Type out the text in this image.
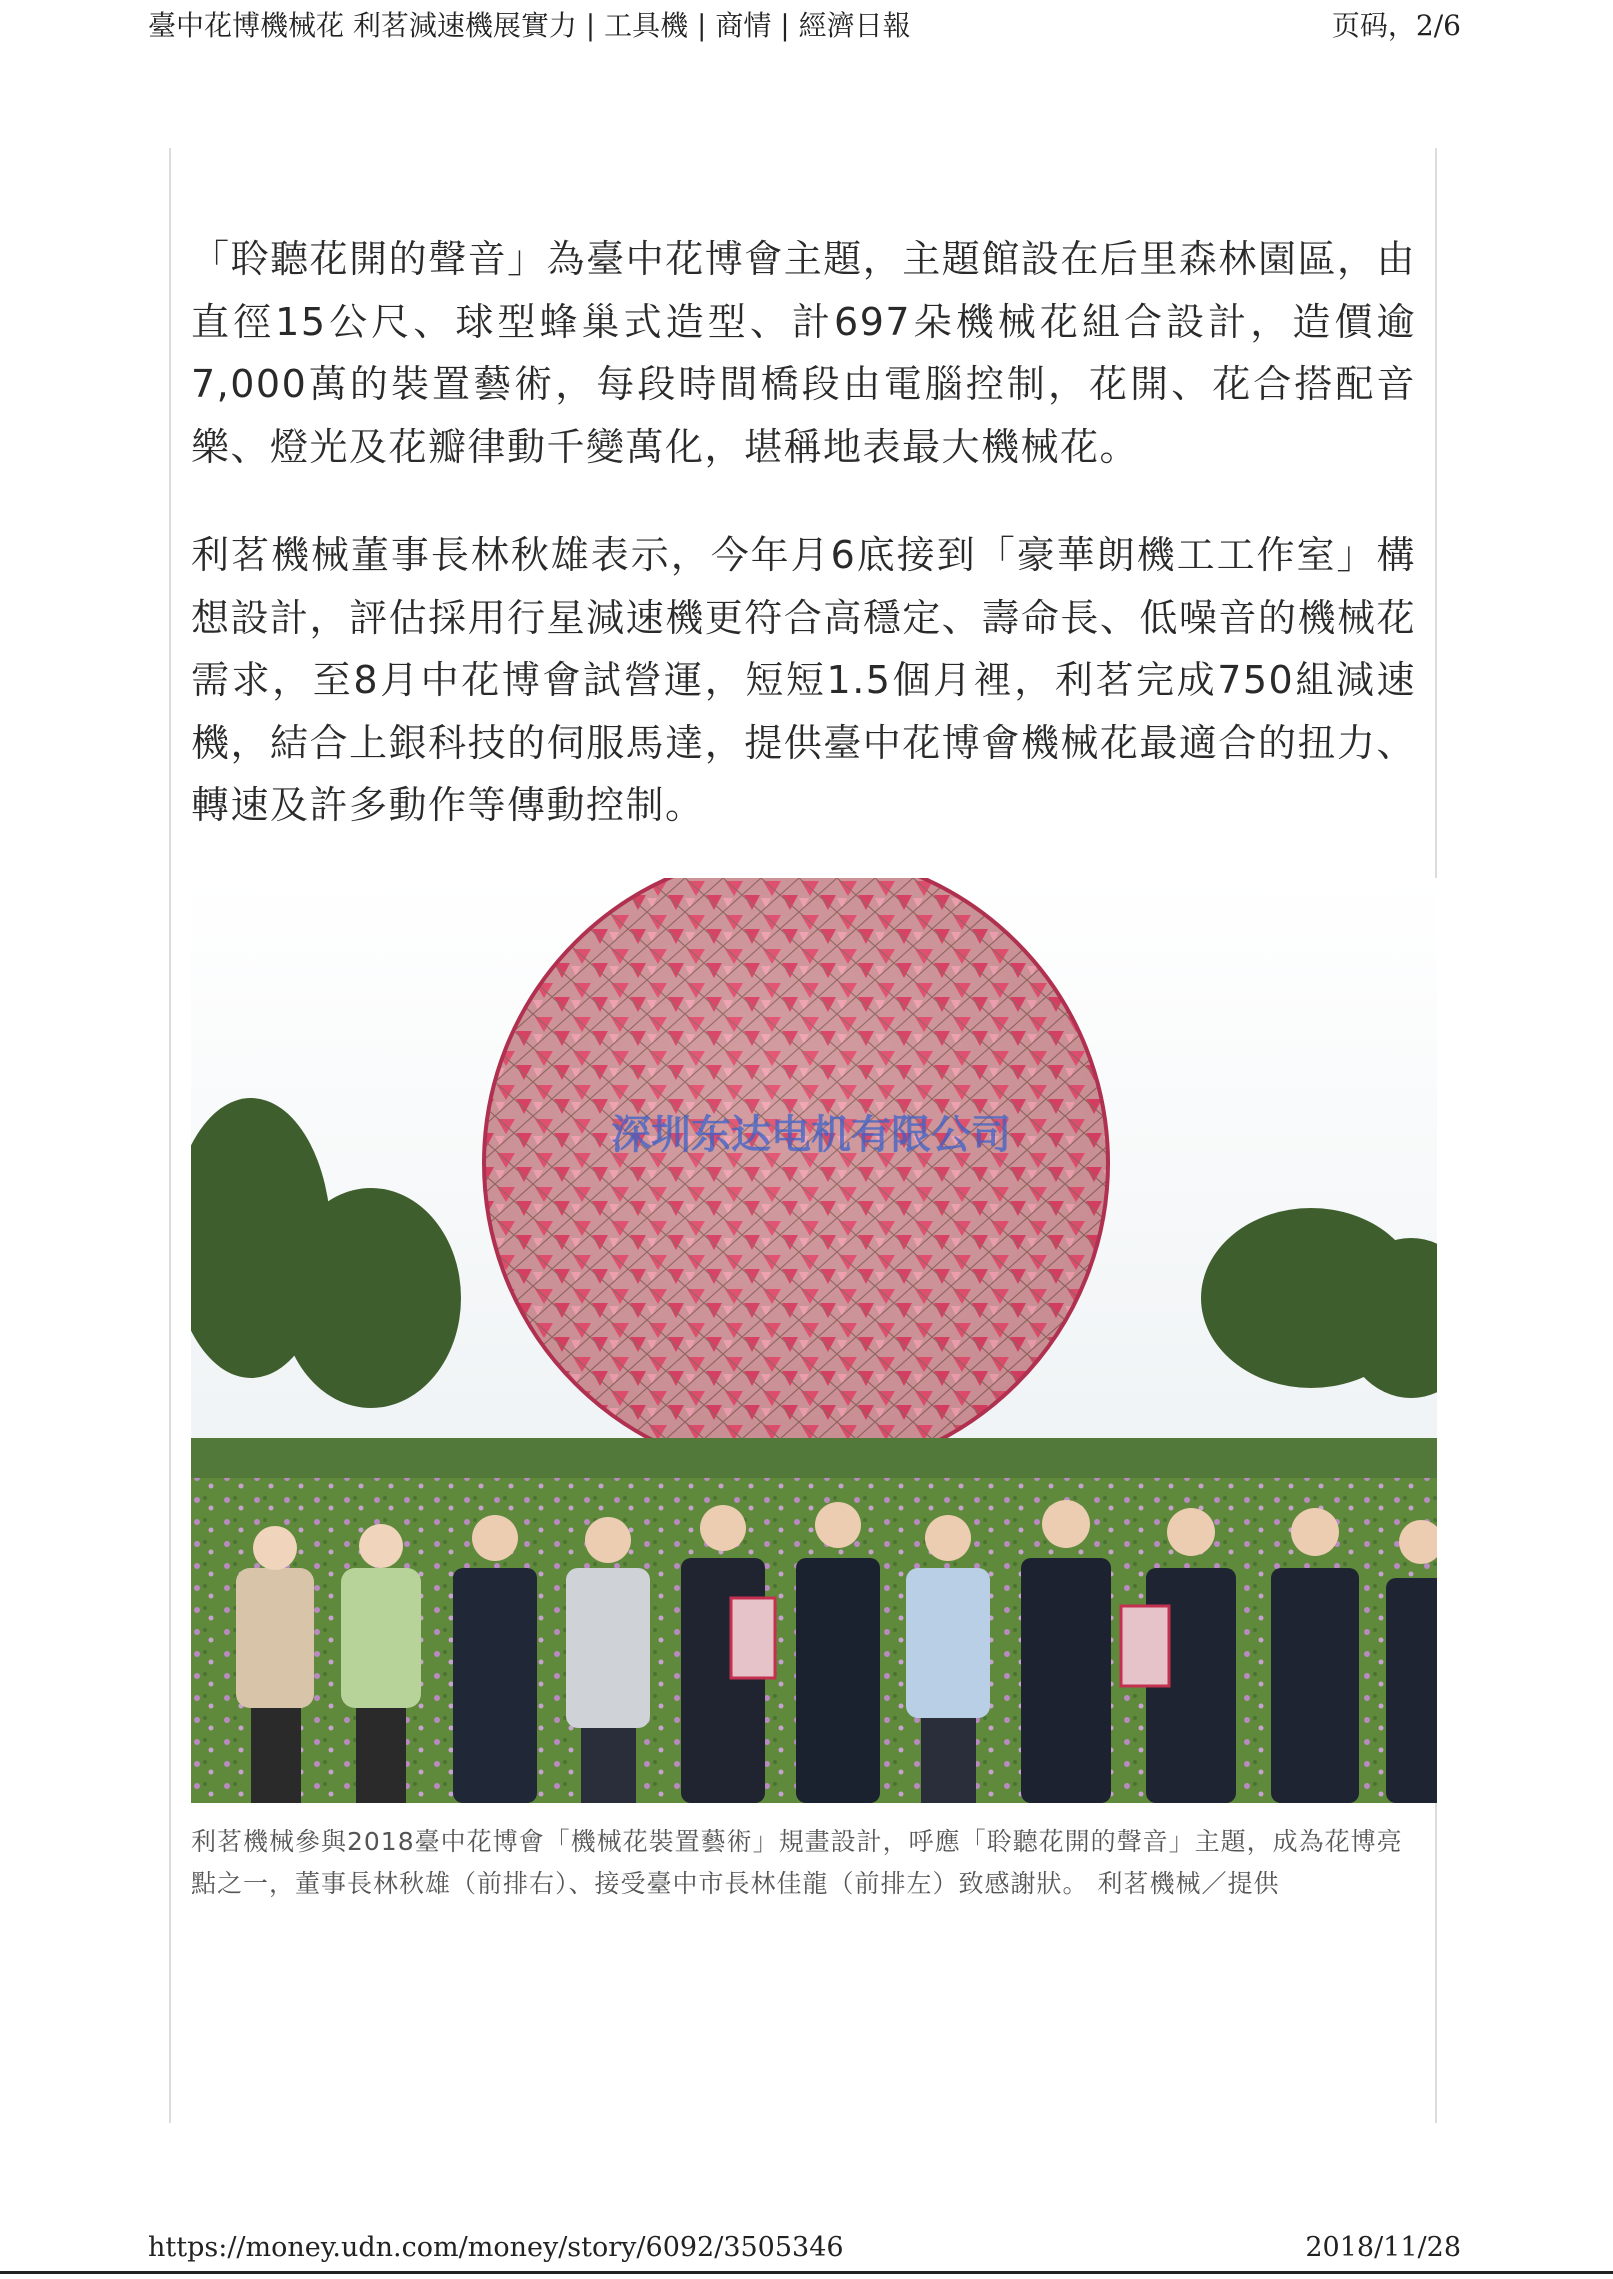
臺中花博機械花 利茗減速機展實力 | 工具機 | 商情 | 經濟日報	页码，2/6

「聆聽花開的聲音」為臺中花博會主題，主題館設在后里森林園區，由直徑15公尺、球型蜂巢式造型、計697朵機械花組合設計，造價逾7,000萬的裝置藝術，每段時間橋段由電腦控制，花開、花合搭配音樂、燈光及花瓣律動千變萬化，堪稱地表最大機械花。

利茗機械董事長林秋雄表示，今年月6底接到「豪華朗機工工作室」構想設計，評估採用行星減速機更符合高穩定、壽命長、低噪音的機械花需求，至8月中花博會試營運，短短1.5個月裡，利茗完成750組減速機，結合上銀科技的伺服馬達，提供臺中花博會機械花最適合的扭力、轉速及許多動作等傳動控制。

深圳东达电机有限公司
利茗機械參與2018臺中花博會「機械花裝置藝術」規畫設計，呼應「聆聽花開的聲音」主題，成為花博亮點之一，董事長林秋雄（前排右）、接受臺中市長林佳龍（前排左）致感謝狀。 利茗機械／提供
https://money.udn.com/money/story/6092/3505346	2018/11/28
